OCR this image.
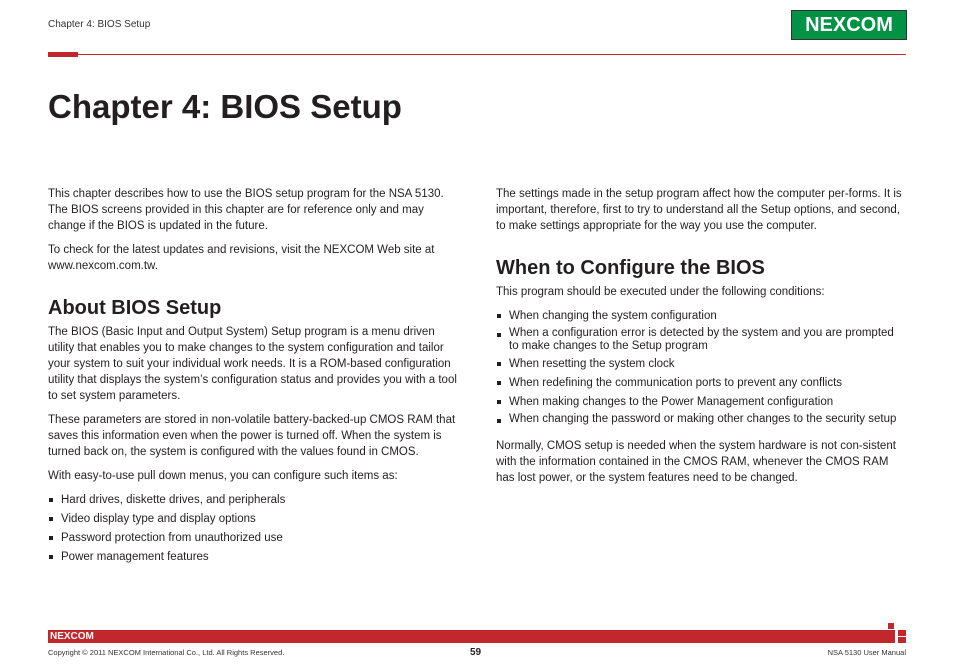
Chapter 4: BIOS Setup	NEXCOM
Chapter 4: BIOS Setup

This chapter describes how to use the BIOS setup program for the NSA 5130. The BIOS screens provided in this chapter are for reference only and may change if the BIOS is updated in the future.

To check for the latest updates and revisions, visit the NEXCOM Web site at www.nexcom.com.tw.

About BIOS Setup

The BIOS (Basic Input and Output System) Setup program is a menu driven utility that enables you to make changes to the system configuration and tailor your system to suit your individual work needs. It is a ROM-based configuration utility that displays the system’s configuration status and provides you with a tool to set system parameters.

These parameters are stored in non-volatile battery-backed-up CMOS RAM that saves this information even when the power is turned off. When the system is turned back on, the system is configured with the values found in CMOS.

With easy-to-use pull down menus, you can configure such items as:

Hard drives, diskette drives, and peripherals
Video display type and display options
Password protection from unauthorized use
Power management features

The settings made in the setup program affect how the computer per-forms. It is important, therefore, first to try to understand all the Setup options, and second, to make settings appropriate for the way you use the computer.

When to Configure the BIOS

This program should be executed under the following conditions:

When changing the system configuration
When a configuration error is detected by the system and you are prompted to make changes to the Setup program
When resetting the system clock
When redefining the communication ports to prevent any conflicts
When making changes to the Power Management configuration
When changing the password or making other changes to the security setup

Normally, CMOS setup is needed when the system hardware is not con-sistent with the information contained in the CMOS RAM, whenever the CMOS RAM has lost power, or the system features need to be changed.

NEXCOM
Copyright © 2011 NEXCOM International Co., Ltd. All Rights Reserved.	59	NSA 5130 User Manual
